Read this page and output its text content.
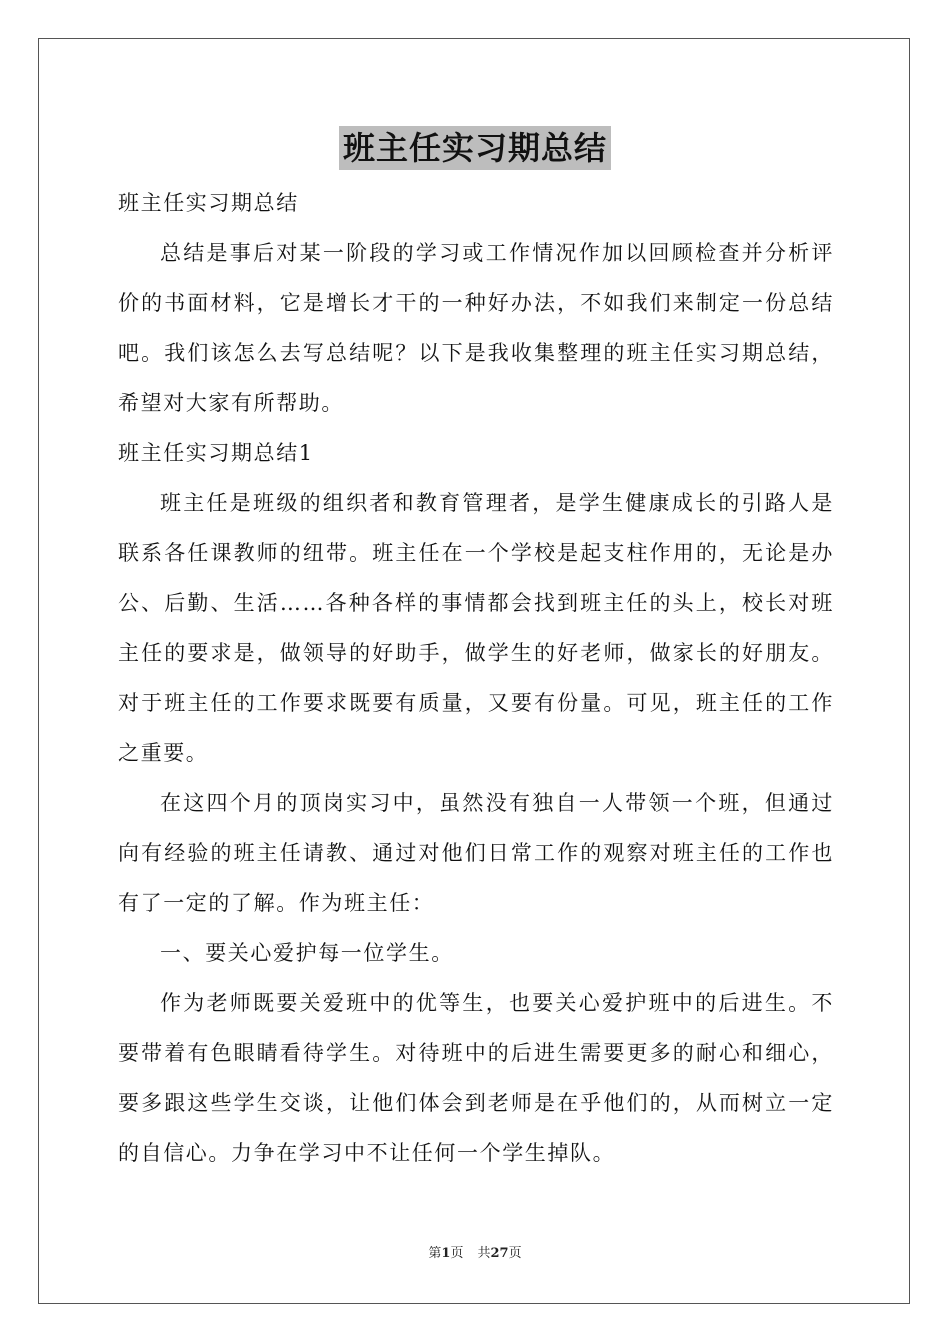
班主任实习期总结

班主任实习期总结

总结是事后对某一阶段的学习或工作情况作加以回顾检查并分析评价的书面材料，它是增长才干的一种好办法，不如我们来制定一份总结吧。我们该怎么去写总结呢？以下是我收集整理的班主任实习期总结，希望对大家有所帮助。

班主任实习期总结1

班主任是班级的组织者和教育管理者，是学生健康成长的引路人是联系各任课教师的纽带。班主任在一个学校是起支柱作用的，无论是办公、后勤、生活……各种各样的事情都会找到班主任的头上，校长对班主任的要求是，做领导的好助手，做学生的好老师，做家长的好朋友。对于班主任的工作要求既要有质量，又要有份量。可见，班主任的工作之重要。

在这四个月的顶岗实习中，虽然没有独自一人带领一个班，但通过向有经验的班主任请教、通过对他们日常工作的观察对班主任的工作也有了一定的了解。作为班主任：

一、要关心爱护每一位学生。

作为老师既要关爱班中的优等生，也要关心爱护班中的后进生。不要带着有色眼睛看待学生。对待班中的后进生需要更多的耐心和细心，要多跟这些学生交谈，让他们体会到老师是在乎他们的，从而树立一定的自信心。力争在学习中不让任何一个学生掉队。

第1页 共27页
